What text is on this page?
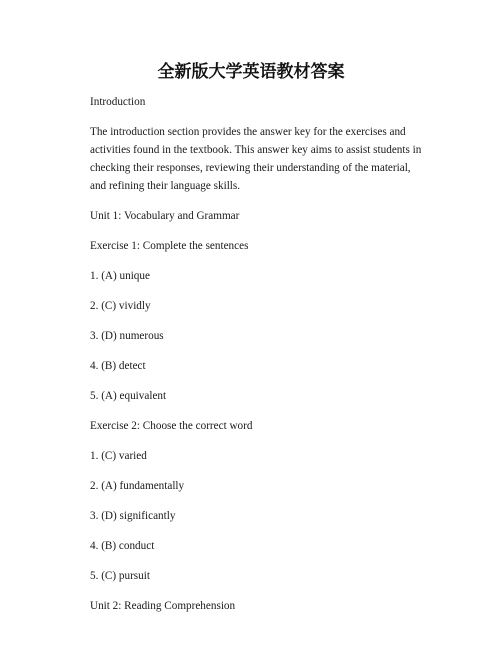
全新版大学英语教材答案

Introduction

The introduction section provides the answer key for the exercises and activities found in the textbook. This answer key aims to assist students in checking their responses, reviewing their understanding of the material, and refining their language skills.

Unit 1: Vocabulary and Grammar

Exercise 1: Complete the sentences

1. (A) unique

2. (C) vividly

3. (D) numerous

4. (B) detect

5. (A) equivalent

Exercise 2: Choose the correct word

1. (C) varied

2. (A) fundamentally

3. (D) significantly

4. (B) conduct

5. (C) pursuit

Unit 2: Reading Comprehension
